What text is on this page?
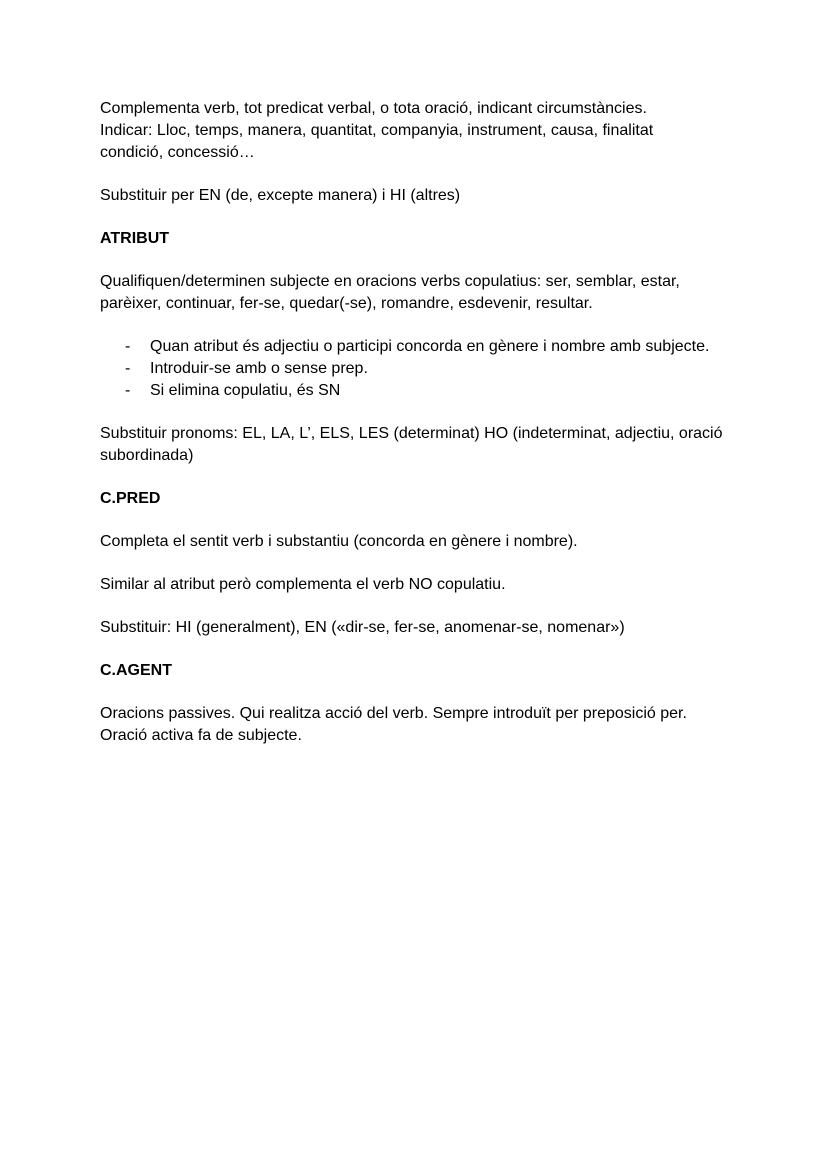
Complementa verb, tot predicat verbal, o tota oració, indicant circumstàncies.
Indicar: Lloc, temps, manera, quantitat, companyia, instrument, causa, finalitat
condició, concessió…

Substituir per EN (de, excepte manera) i HI (altres)

ATRIBUT

Qualifiquen/determinen subjecte en oracions verbs copulatius: ser, semblar, estar, parèixer, continuar, fer-se, quedar(-se), romandre, esdevenir, resultar.

- Quan atribut és adjectiu o participi concorda en gènere i nombre amb subjecte.
- Introduir-se amb o sense prep.
- Si elimina copulatiu, és SN

Substituir pronoms: EL, LA, L’, ELS, LES (determinat) HO (indeterminat, adjectiu, oració subordinada)

C.PRED

Completa el sentit verb i substantiu (concorda en gènere i nombre).

Similar al atribut però complementa el verb NO copulatiu.

Substituir: HI (generalment), EN («dir-se, fer-se, anomenar-se, nomenar»)

C.AGENT

Oracions passives. Qui realitza acció del verb. Sempre introduït per preposició per.
Oració activa fa de subjecte.
